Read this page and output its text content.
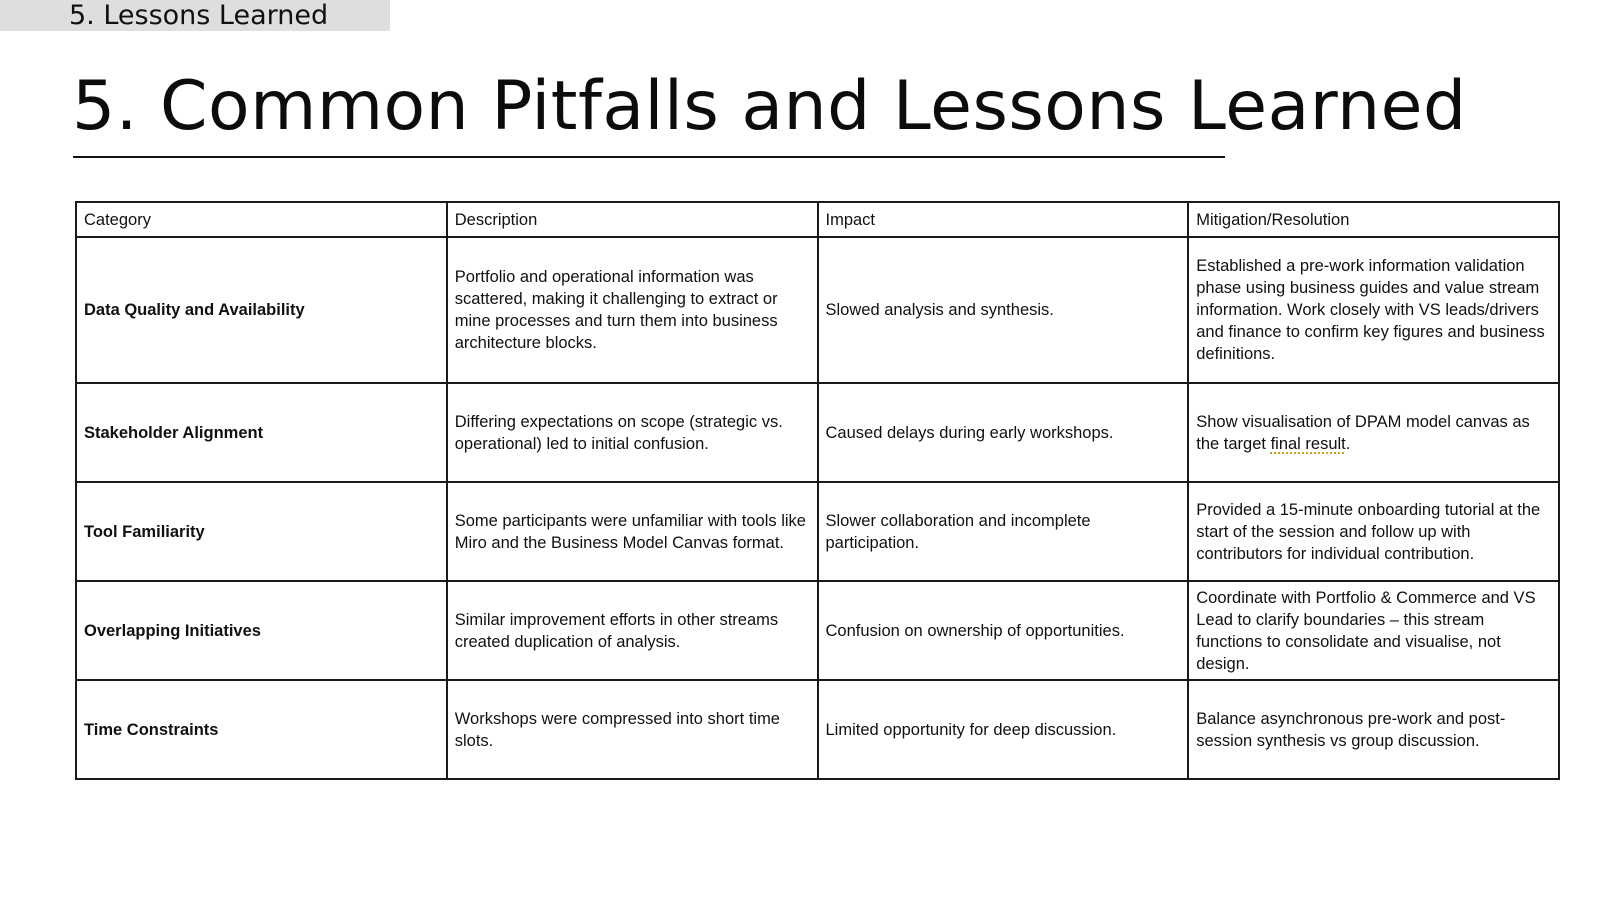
5. Lessons Learned
5. Common Pitfalls and Lessons Learned
Category	Description	Impact	Mitigation/Resolution
Data Quality and Availability	Portfolio and operational information was scattered, making it challenging to extract or mine processes and turn them into business architecture blocks.	Slowed analysis and synthesis.	Established a pre-work information validation phase using business guides and value stream information. Work closely with VS leads/drivers and finance to confirm key figures and business definitions.
Stakeholder Alignment	Differing expectations on scope (strategic vs. operational) led to initial confusion.	Caused delays during early workshops.	Show visualisation of DPAM model canvas as the target final result.
Tool Familiarity	Some participants were unfamiliar with tools like Miro and the Business Model Canvas format.	Slower collaboration and incomplete participation.	Provided a 15-minute onboarding tutorial at the start of the session and follow up with contributors for individual contribution.
Overlapping Initiatives	Similar improvement efforts in other streams created duplication of analysis.	Confusion on ownership of opportunities.	Coordinate with Portfolio & Commerce and VS Lead to clarify boundaries – this stream functions to consolidate and visualise, not design.
Time Constraints	Workshops were compressed into short time slots.	Limited opportunity for deep discussion.	Balance asynchronous pre-work and post-session synthesis vs group discussion.
